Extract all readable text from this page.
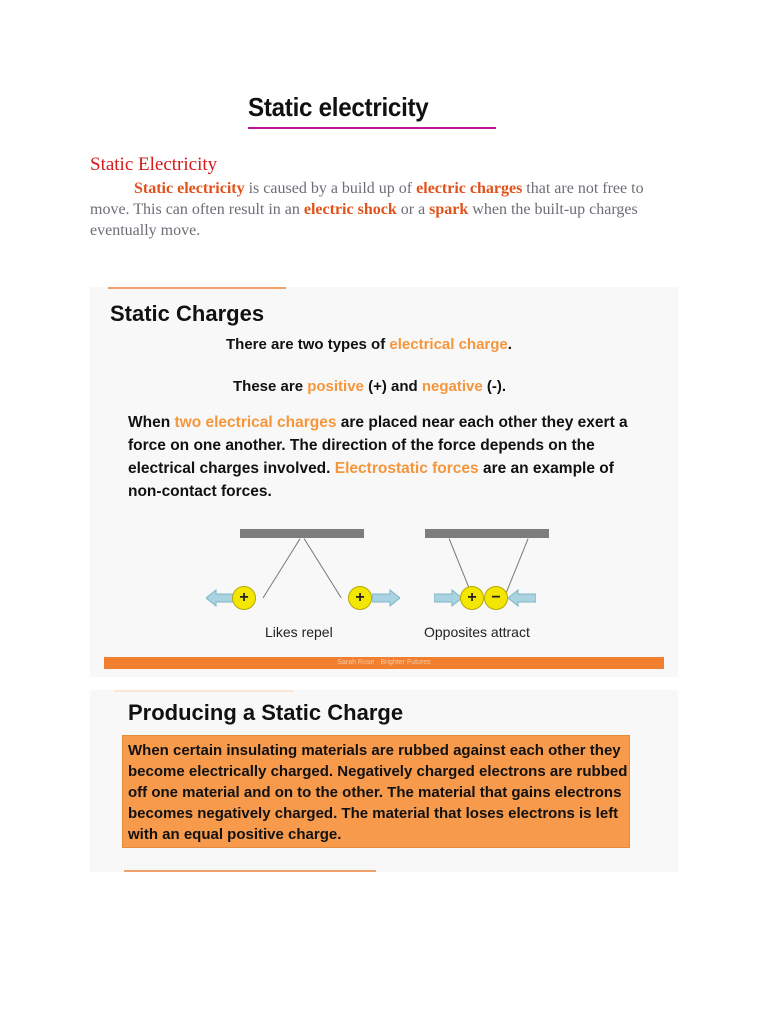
Static electricity
Static Electricity
Static electricity is caused by a build up of electric charges that are not free to move. This can often result in an electric shock or a spark when the built-up charges eventually move.
Static Charges
There are two types of electrical charge.
These are positive (+) and negative (-).
When two electrical charges are placed near each other they exert a force on one another. The direction of the force depends on the electrical charges involved. Electrostatic forces are an example of non-contact forces.
+	+
Likes repel
+ −
Opposites attract
Sarah Rose · Brighter Futures
Producing a Static Charge
When certain insulating materials are rubbed against each other they become electrically charged. Negatively charged electrons are rubbed off one material and on to the other. The material that gains electrons becomes negatively charged. The material that loses electrons is left with an equal positive charge.
